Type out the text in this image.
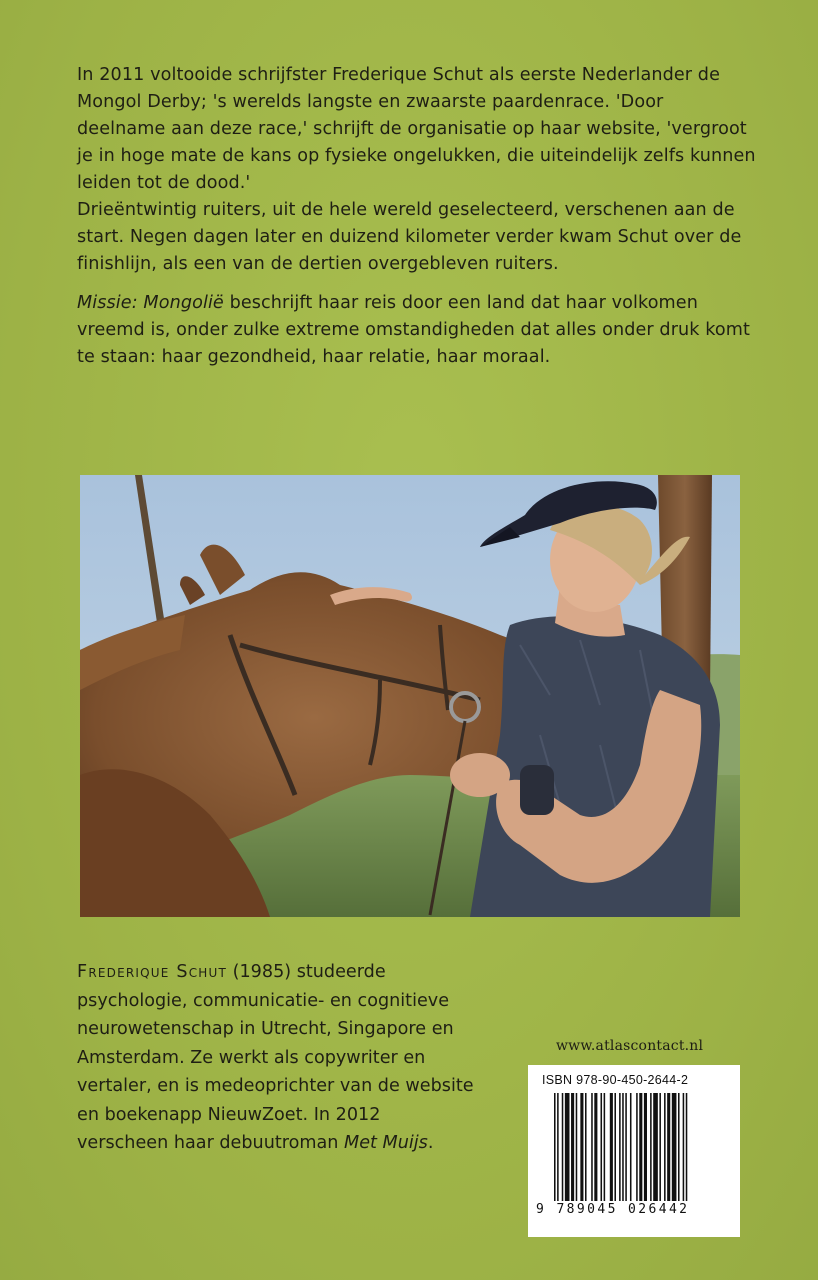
In 2011 voltooide schrijfster Frederique Schut als eerste Nederlander de Mongol Derby; 's werelds langste en zwaarste paardenrace. 'Door deelname aan deze race,' schrijft de organisatie op haar website, 'vergroot je in hoge mate de kans op fysieke ongelukken, die uiteindelijk zelfs kunnen leiden tot de dood.'

Drieëntwintig ruiters, uit de hele wereld geselecteerd, verschenen aan de start. Negen dagen later en duizend kilometer verder kwam Schut over de finishlijn, als een van de dertien overgebleven ruiters.

Missie: Mongolië beschrijft haar reis door een land dat haar volkomen vreemd is, onder zulke extreme omstandigheden dat alles onder druk komt te staan: haar gezondheid, haar relatie, haar moraal.

Frederique Schut (1985) studeerde psychologie, communicatie- en cognitieve neurowetenschap in Utrecht, Singapore en Amsterdam. Ze werkt als copywriter en vertaler, en is medeoprichter van de website en boekenapp NieuwZoet. In 2012 verscheen haar debuutroman Met Muijs.
www.atlascontact.nl
ISBN 978-90-450-2644-2
9 789045 026442
